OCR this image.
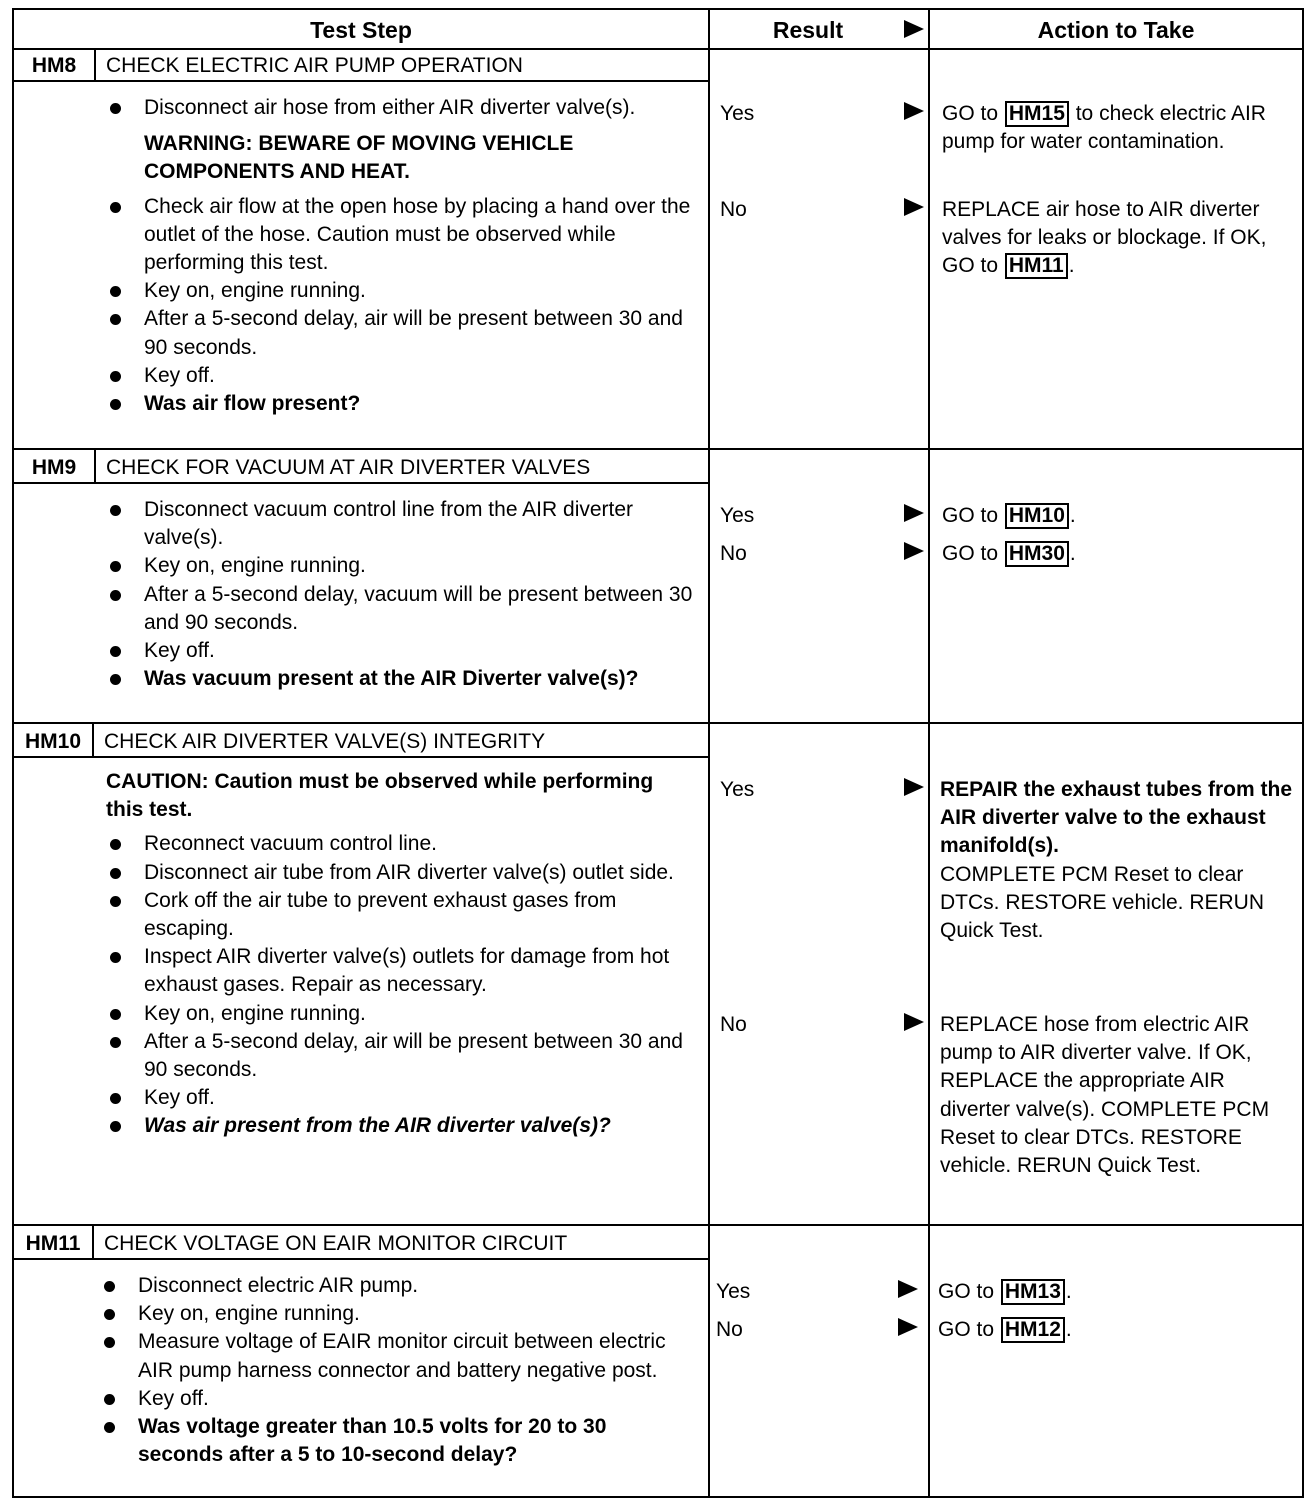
Test Step	Result	Action to Take
HM8	CHECK ELECTRIC AIR PUMP OPERATION
Disconnect air hose from either AIR diverter valve(s).
WARNING: BEWARE OF MOVING VEHICLE COMPONENTS AND HEAT.
Check air flow at the open hose by placing a hand over the outlet of the hose. Caution must be observed while performing this test.
Key on, engine running.
After a 5-second delay, air will be present between 30 and 90 seconds.
Key off.
Was air flow present?
Yes	GO to HM15 to check electric AIR pump for water contamination.
No	REPLACE air hose to AIR diverter valves for leaks or blockage. If OK, GO to HM11 .
HM9	CHECK FOR VACUUM AT AIR DIVERTER VALVES
Disconnect vacuum control line from the AIR diverter valve(s).
Key on, engine running.
After a 5-second delay, vacuum will be present between 30 and 90 seconds.
Key off.
Was vacuum present at the AIR Diverter valve(s)?
Yes	GO to HM10 .
No	GO to HM30 .
HM10	CHECK AIR DIVERTER VALVE(S) INTEGRITY
CAUTION: Caution must be observed while performing this test.
Reconnect vacuum control line.
Disconnect air tube from AIR diverter valve(s) outlet side.
Cork off the air tube to prevent exhaust gases from escaping.
Inspect AIR diverter valve(s) outlets for damage from hot exhaust gases. Repair as necessary.
Key on, engine running.
After a 5-second delay, air will be present between 30 and 90 seconds.
Key off.
Was air present from the AIR diverter valve(s)?
Yes	REPAIR the exhaust tubes from the AIR diverter valve to the exhaust manifold(s).
COMPLETE PCM Reset to clear DTCs. RESTORE vehicle. RERUN Quick Test.
No	REPLACE hose from electric AIR pump to AIR diverter valve. If OK, REPLACE the appropriate AIR diverter valve(s). COMPLETE PCM Reset to clear DTCs. RESTORE vehicle. RERUN Quick Test.
HM11	CHECK VOLTAGE ON EAIR MONITOR CIRCUIT
Disconnect electric AIR pump.
Key on, engine running.
Measure voltage of EAIR monitor circuit between electric AIR pump harness connector and battery negative post.
Key off.
Was voltage greater than 10.5 volts for 20 to 30 seconds after a 5 to 10-second delay?
Yes	GO to HM13 .
No	GO to HM12 .
